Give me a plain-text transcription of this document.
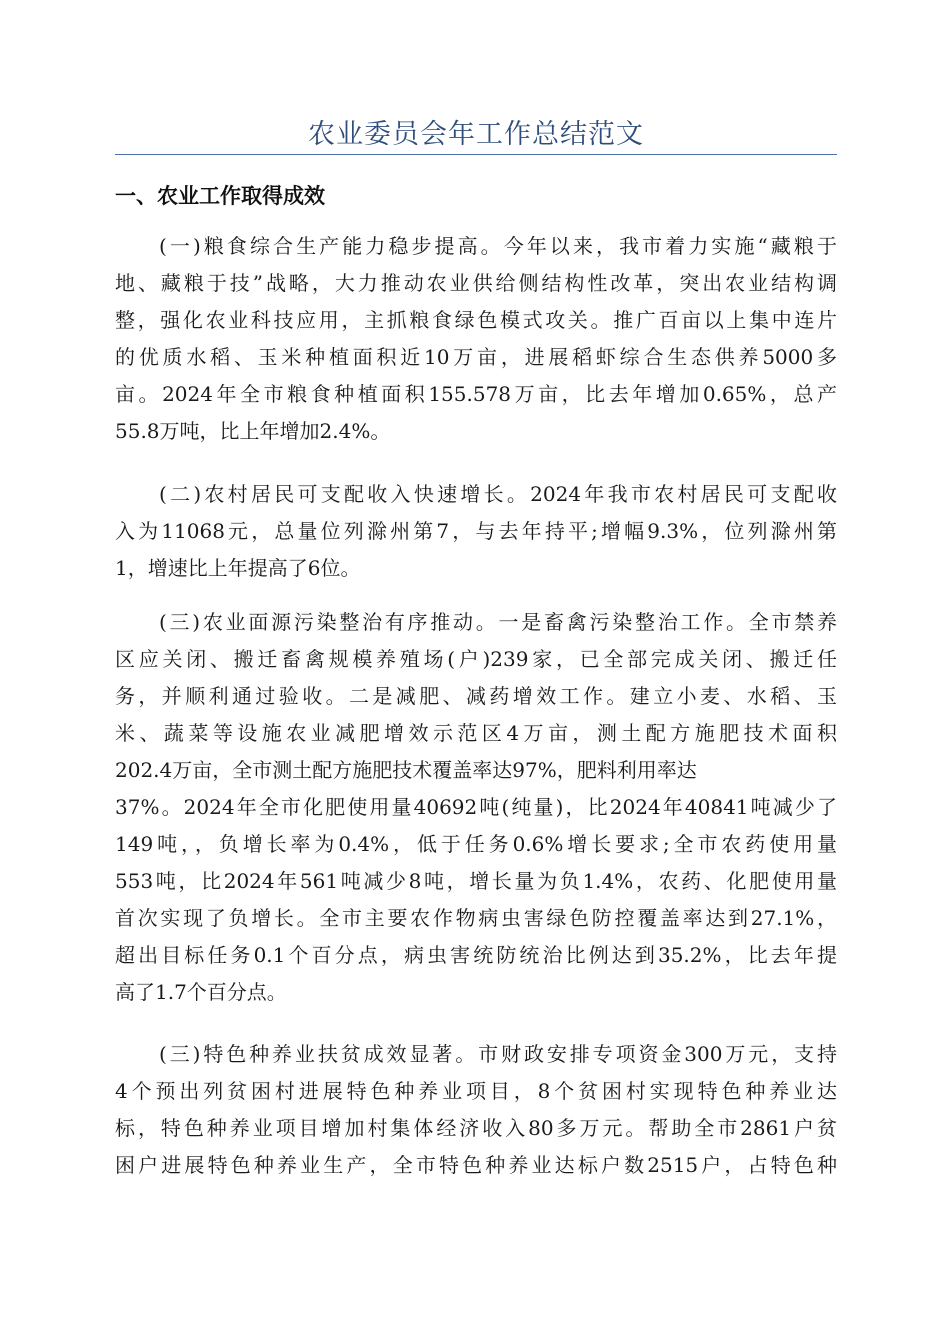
农业委员会年工作总结范文
一、农业工作取得成效
(一)粮食综合生产能力稳步提高。今年以来，我市着力实施“藏粮于
地、藏粮于技”战略，大力推动农业供给侧结构性改革，突出农业结构调
整，强化农业科技应用，主抓粮食绿色模式攻关。推广百亩以上集中连片
的优质水稻、玉米种植面积近10万亩，进展稻虾综合生态供养5000多
亩。2024年全市粮食种植面积155.578万亩，比去年增加0.65%，总产
55.8万吨，比上年增加2.4%。
(二)农村居民可支配收入快速增长。2024年我市农村居民可支配收
入为11068元，总量位列滁州第7，与去年持平;增幅9.3%，位列滁州第
1，增速比上年提高了6位。
(三)农业面源污染整治有序推动。一是畜禽污染整治工作。全市禁养
区应关闭、搬迁畜禽规模养殖场(户)239家，已全部完成关闭、搬迁任
务，并顺利通过验收。二是减肥、减药增效工作。建立小麦、水稻、玉
米、蔬菜等设施农业减肥增效示范区4万亩，测土配方施肥技术面积
202.4万亩，全市测土配方施肥技术覆盖率达97%，肥料利用率达
37%。2024年全市化肥使用量40692吨(纯量)，比2024年40841吨减少了
149吨，，负增长率为0.4%，低于任务0.6%增长要求;全市农药使用量
553吨，比2024年561吨减少8吨，增长量为负1.4%，农药、化肥使用量
首次实现了负增长。全市主要农作物病虫害绿色防控覆盖率达到27.1%，
超出目标任务0.1个百分点，病虫害统防统治比例达到35.2%，比去年提
高了1.7个百分点。
(三)特色种养业扶贫成效显著。市财政安排专项资金300万元，支持
4个预出列贫困村进展特色种养业项目，8个贫困村实现特色种养业达
标，特色种养业项目增加村集体经济收入80多万元。帮助全市2861户贫
困户进展特色种养业生产，全市特色种养业达标户数2515户，占特色种
